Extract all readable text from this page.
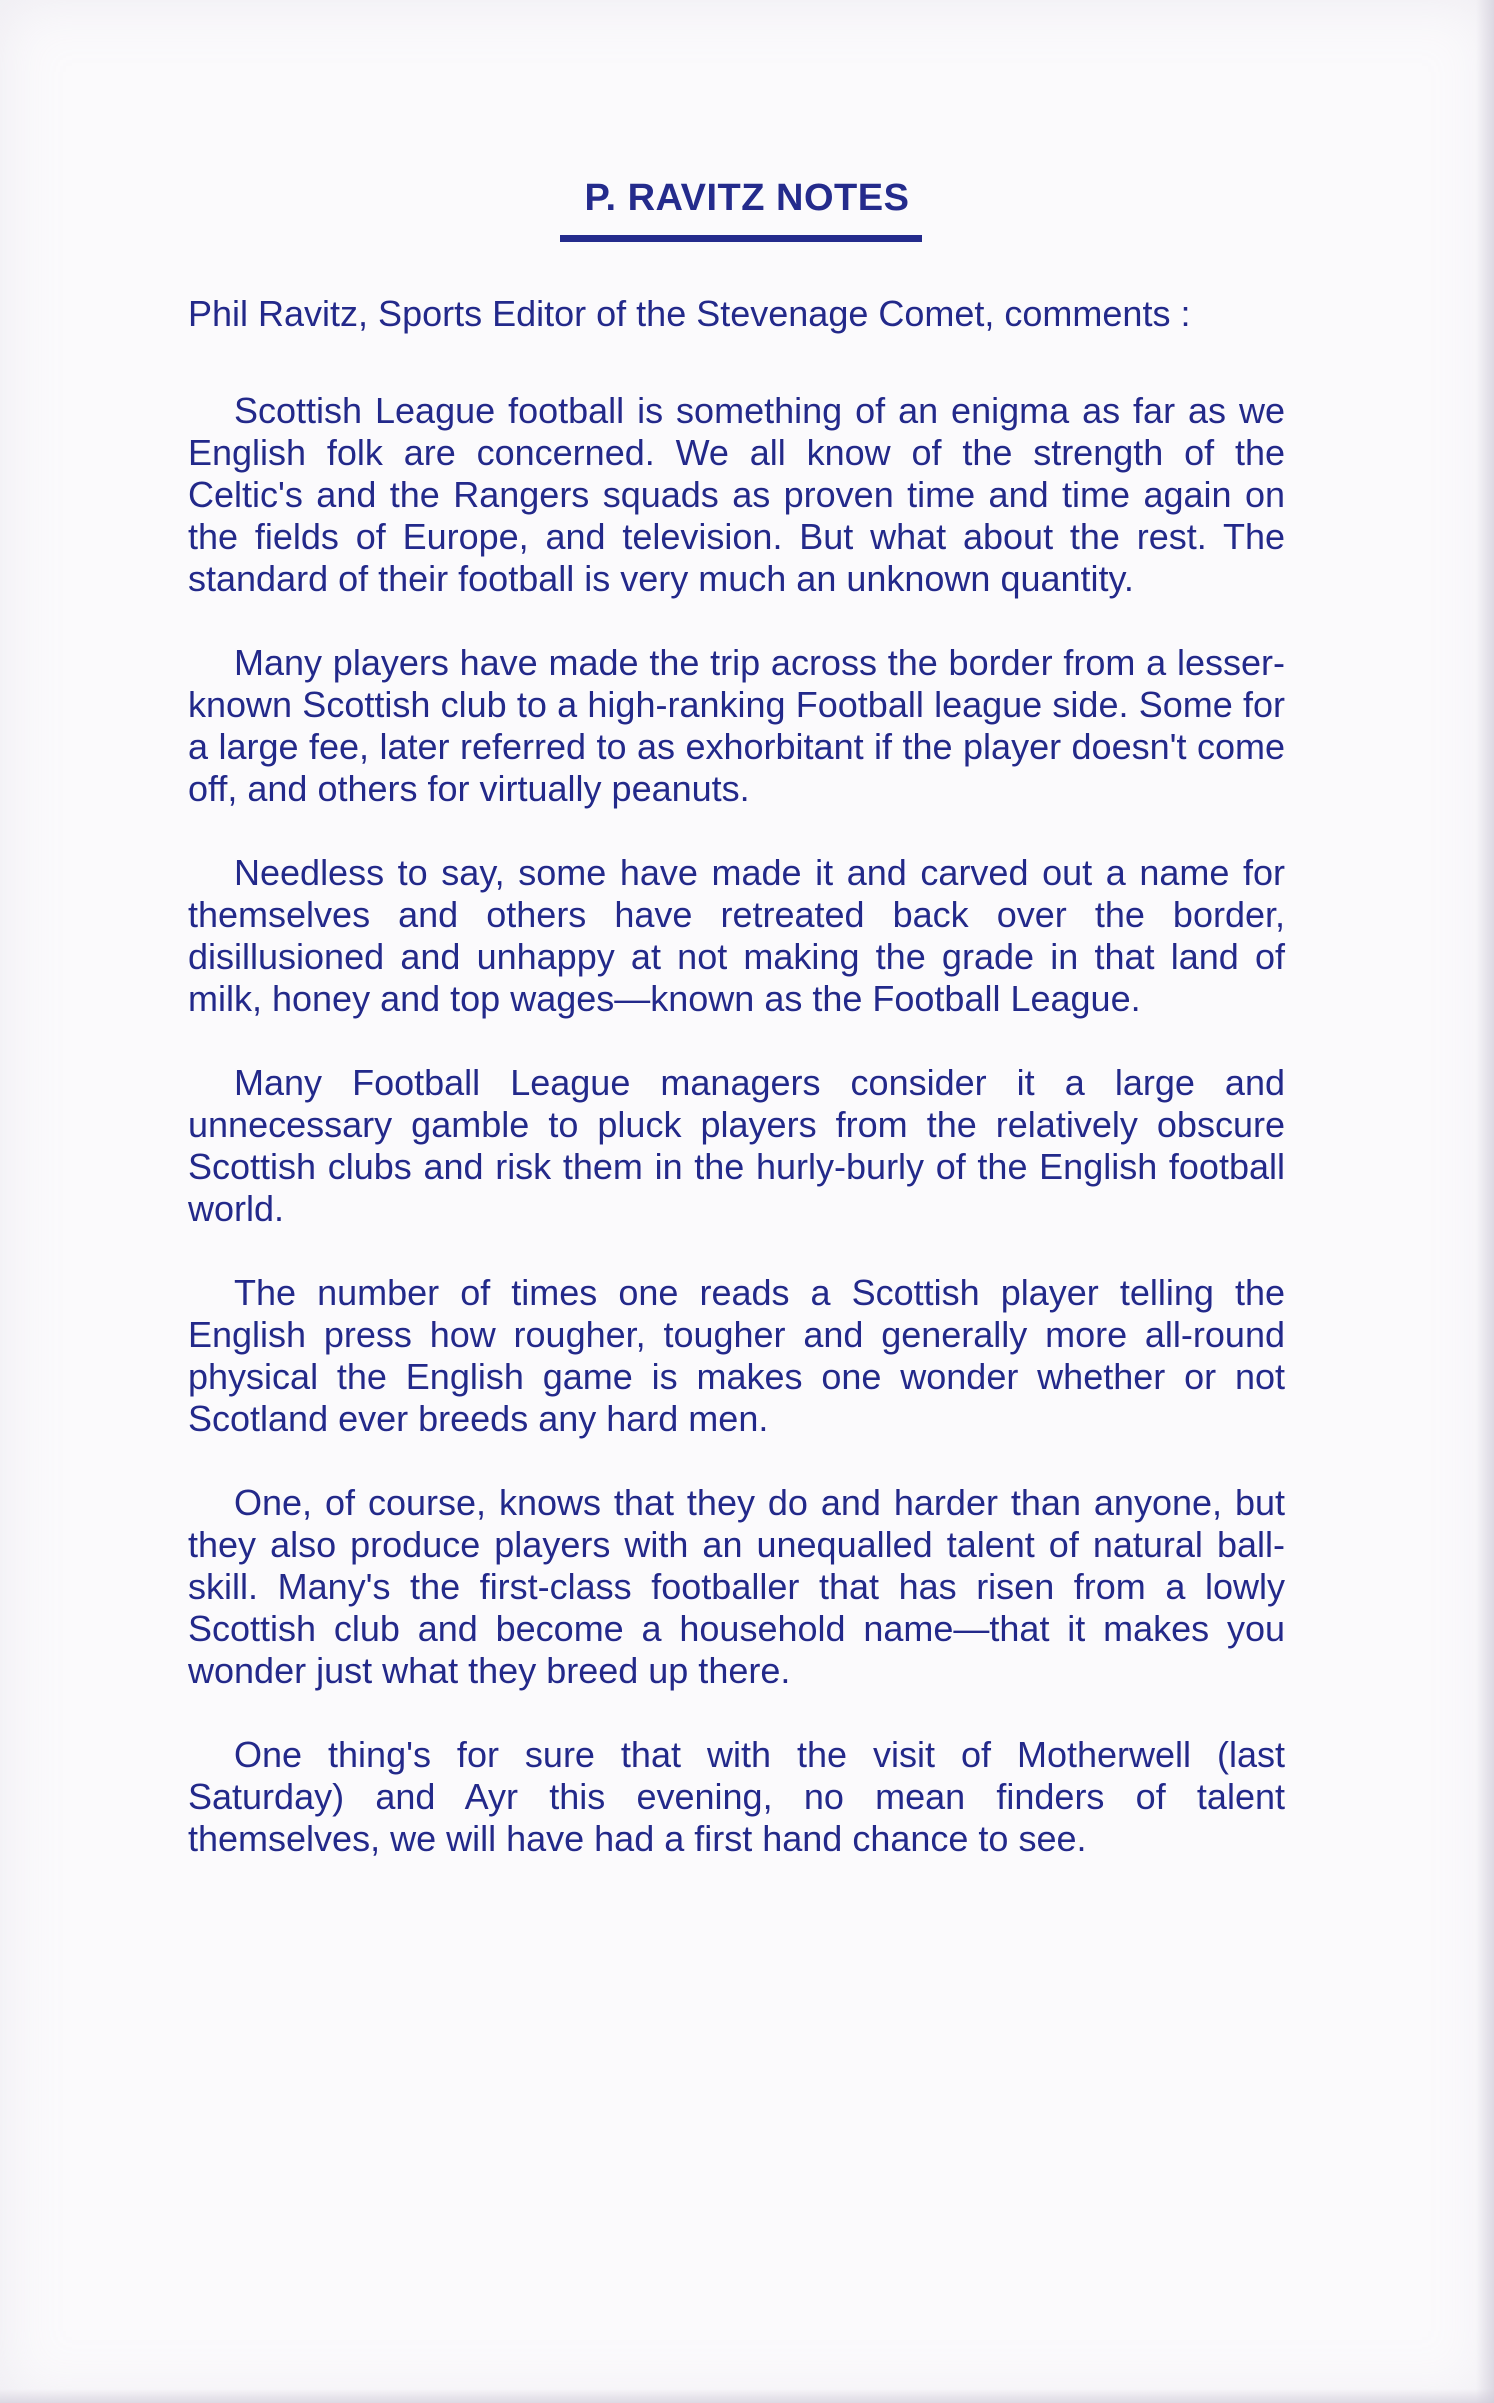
P. RAVITZ NOTES

Phil Ravitz, Sports Editor of the Stevenage Comet, comments :

Scottish League football is something of an enigma as far as we English folk are concerned. We all know of the strength of the Celtic's and the Rangers squads as proven time and time again on the fields of Europe, and television. But what about the rest. The standard of their football is very much an unknown quantity.

Many players have made the trip across the border from a lesser-known Scottish club to a high-ranking Football league side. Some for a large fee, later referred to as exhorbitant if the player doesn't come off, and others for virtually peanuts.

Needless to say, some have made it and carved out a name for themselves and others have retreated back over the border, disillusioned and unhappy at not making the grade in that land of milk, honey and top wages—known as the Football League.

Many Football League managers consider it a large and unnecessary gamble to pluck players from the relatively obscure Scottish clubs and risk them in the hurly-burly of the English football world.

The number of times one reads a Scottish player telling the English press how rougher, tougher and generally more all-round physical the English game is makes one wonder whether or not Scotland ever breeds any hard men.

One, of course, knows that they do and harder than anyone, but they also produce players with an unequalled talent of natural ball-skill. Many's the first-class footballer that has risen from a lowly Scottish club and become a household name—that it makes you wonder just what they breed up there.

One thing's for sure that with the visit of Motherwell (last Saturday) and Ayr this evening, no mean finders of talent themselves, we will have had a first hand chance to see.
